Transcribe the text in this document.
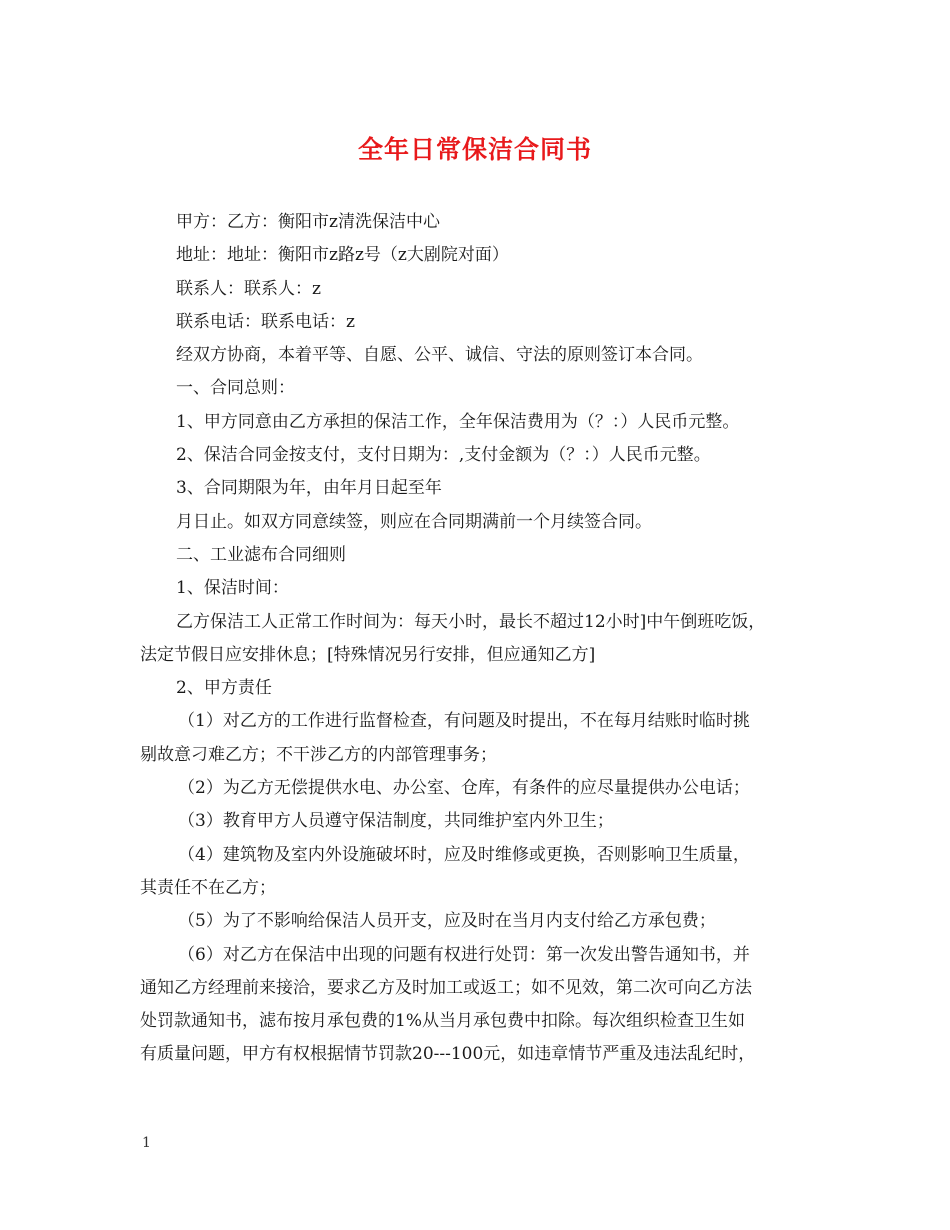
全年日常保洁合同书
甲方：乙方：衡阳市z清洗保洁中心
地址：地址：衡阳市z路z号（z大剧院对面）
联系人：联系人：z
联系电话：联系电话：z
经双方协商，本着平等、自愿、公平、诚信、守法的原则签订本合同。
一、合同总则：
1、甲方同意由乙方承担的保洁工作，全年保洁费用为（？：）人民币元整。
2、保洁合同金按支付，支付日期为：,支付金额为（？：）人民币元整。
3、合同期限为年，由年月日起至年
月日止。如双方同意续签，则应在合同期满前一个月续签合同。
二、工业滤布合同细则
1、保洁时间：
乙方保洁工人正常工作时间为：每天小时，最长不超过12小时]中午倒班吃饭，
法定节假日应安排休息；[特殊情况另行安排，但应通知乙方]
2、甲方责任
（1）对乙方的工作进行监督检查，有问题及时提出，不在每月结账时临时挑
剔故意刁难乙方；不干涉乙方的内部管理事务；
（2）为乙方无偿提供水电、办公室、仓库，有条件的应尽量提供办公电话；
（3）教育甲方人员遵守保洁制度，共同维护室内外卫生；
（4）建筑物及室内外设施破坏时，应及时维修或更换，否则影响卫生质量，
其责任不在乙方；
（5）为了不影响给保洁人员开支，应及时在当月内支付给乙方承包费；
（6）对乙方在保洁中出现的问题有权进行处罚：第一次发出警告通知书，并
通知乙方经理前来接洽，要求乙方及时加工或返工；如不见效，第二次可向乙方法
处罚款通知书，滤布按月承包费的1%从当月承包费中扣除。每次组织检查卫生如
有质量问题，甲方有权根据情节罚款20---100元，如违章情节严重及违法乱纪时，
1
